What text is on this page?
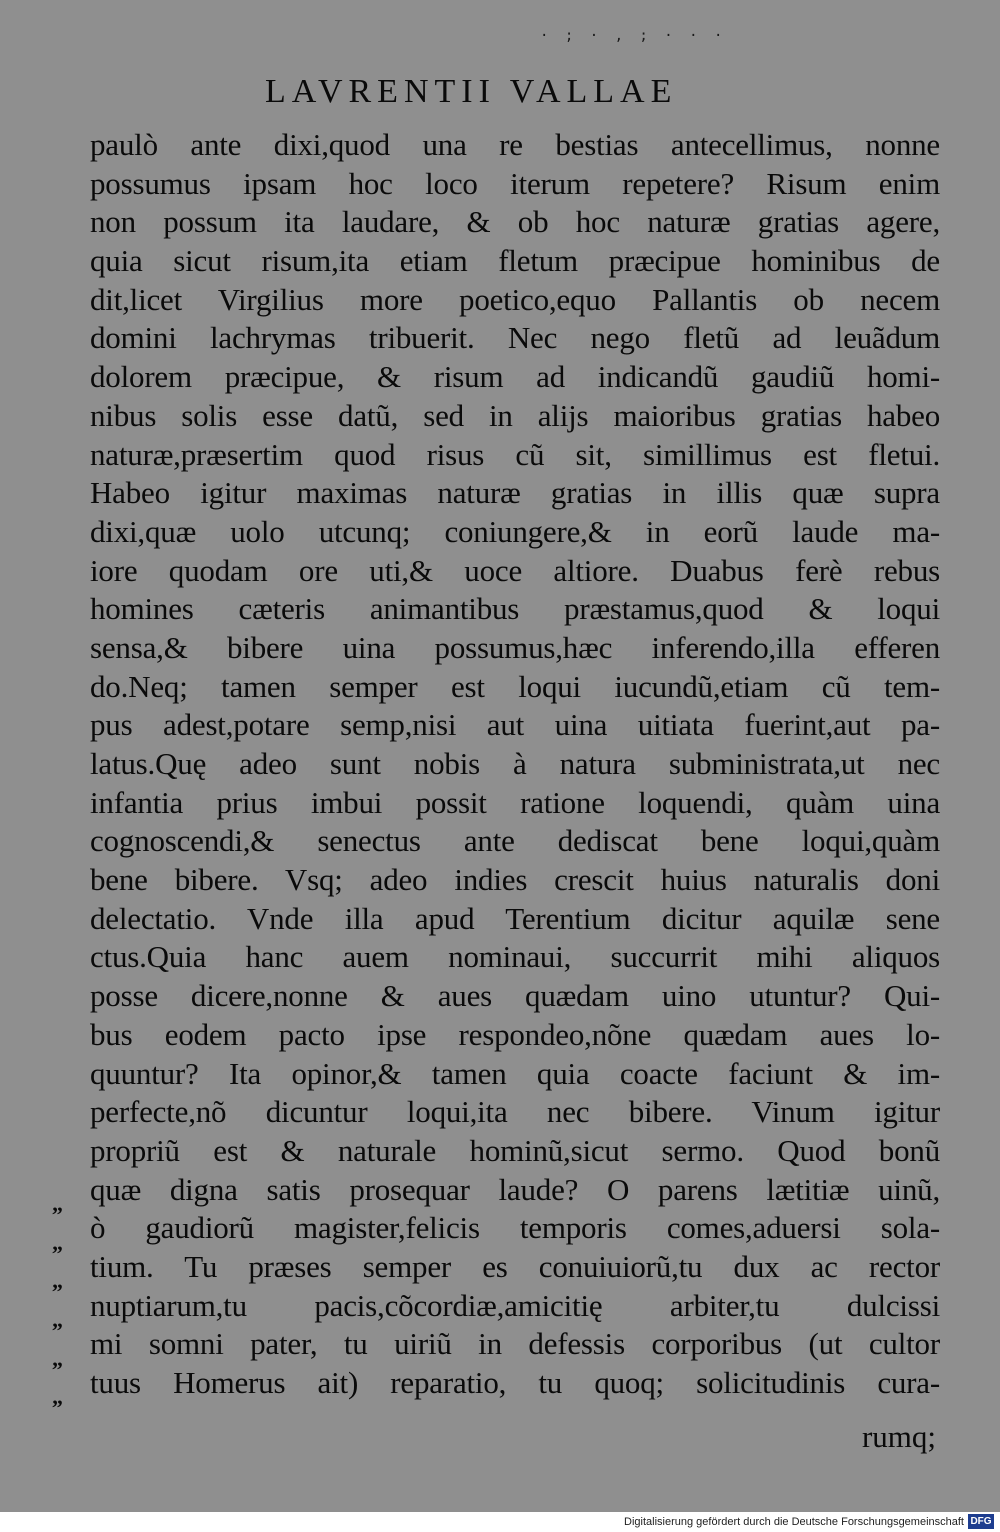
· ; · , ; · · ·
LAVRENTII VALLAE
paulò ante dixi,quod una re bestias antecellimus, nonne
possumus ipsam hoc loco iterum repetere? Risum enim
non possum ita laudare, & ob hoc naturæ gratias agere,
quia sicut risum,ita etiam fletum præcipue hominibus de
dit,licet Virgilius more poetico,equo Pallantis ob necem
domini lachrymas tribuerit. Nec nego fletũ ad leuãdum
dolorem præcipue, & risum ad indicandũ gaudiũ homi-
nibus solis esse datũ, sed in alijs maioribus gratias habeo
naturæ,præsertim quod risus cũ sit, simillimus est fletui.
Habeo igitur maximas naturæ gratias in illis quæ supra
dixi,quæ uolo utcunq; coniungere,& in eorũ laude ma-
iore quodam ore uti,& uoce altiore. Duabus ferè rebus
homines cæteris animantibus præstamus,quod & loqui
sensa,& bibere uina possumus,hæc inferendo,illa efferen
do.Neq; tamen semper est loqui iucundũ,etiam cũ tem-
pus adest,potare semp,nisi aut uina uitiata fuerint,aut pa-
latus.Quę adeo sunt nobis à natura subministrata,ut nec
infantia prius imbui possit ratione loquendi, quàm uina
cognoscendi,& senectus ante dediscat bene loqui,quàm
bene bibere. Vsq; adeo indies crescit huius naturalis doni
delectatio. Vnde illa apud Terentium dicitur aquilæ sene
ctus.Quia hanc auem nominaui, succurrit mihi aliquos
posse dicere,nonne & aues quædam uino utuntur? Qui-
bus eodem pacto ipse respondeo,nõne quædam aues lo-
quuntur? Ita opinor,& tamen quia coacte faciunt & im-
perfecte,nõ dicuntur loqui,ita nec bibere. Vinum igitur
propriũ est & naturale hominũ,sicut sermo. Quod bonũ
quæ digna satis prosequar laude? O parens lætitiæ uinũ,
ò gaudiorũ magister,felicis temporis comes,aduersi sola-
tium. Tu præses semper es conuiuiorũ,tu dux ac rector
nuptiarum,tu pacis,cõcordiæ,amicitię arbiter,tu dulcissi
mi somni pater, tu uiriũ in defessis corporibus (ut cultor
tuus Homerus ait) reparatio, tu quoq; solicitudinis cura-
„
„
„
„
„
„
rumq;
Digitalisierung gefördert durch die Deutsche Forschungsgemeinschaft DFG
